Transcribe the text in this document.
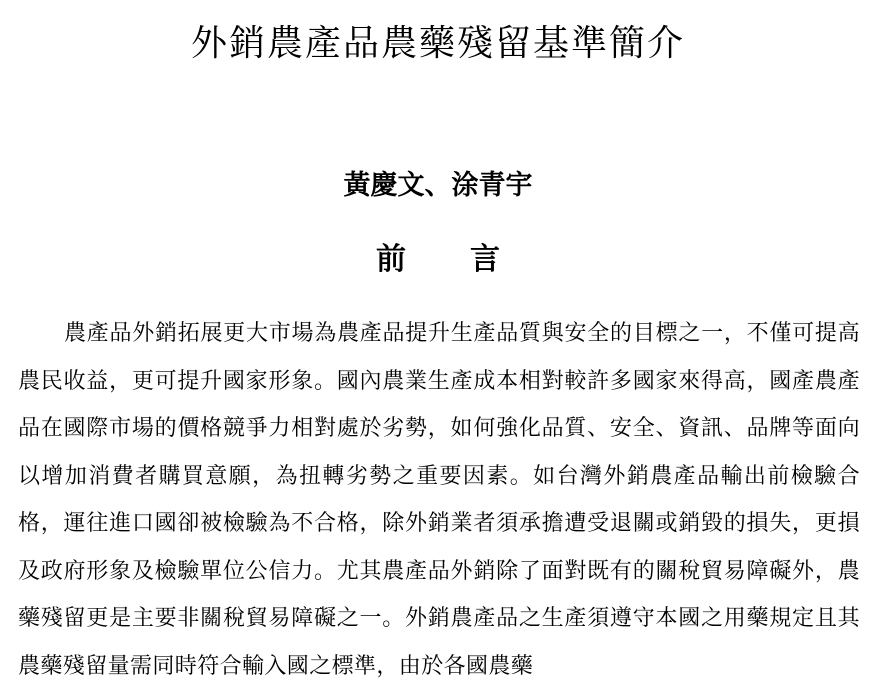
外銷農產品農藥殘留基準簡介
黃慶文、涂青宇
前 言

農產品外銷拓展更大市場為農產品提升生產品質與安全的目標之一，不僅可提高農民收益，更可提升國家形象。國內農業生產成本相對較許多國家來得高，國產農產品在國際市場的價格競爭力相對處於劣勢，如何強化品質、安全、資訊、品牌等面向以增加消費者購買意願，為扭轉劣勢之重要因素。如台灣外銷農產品輸出前檢驗合格，運往進口國卻被檢驗為不合格，除外銷業者須承擔遭受退關或銷毀的損失，更損及政府形象及檢驗單位公信力。尤其農產品外銷除了面對既有的關稅貿易障礙外，農藥殘留更是主要非關稅貿易障礙之一。外銷農產品之生產須遵守本國之用藥規定且其農藥殘留量需同時符合輸入國之標準，由於各國農藥
